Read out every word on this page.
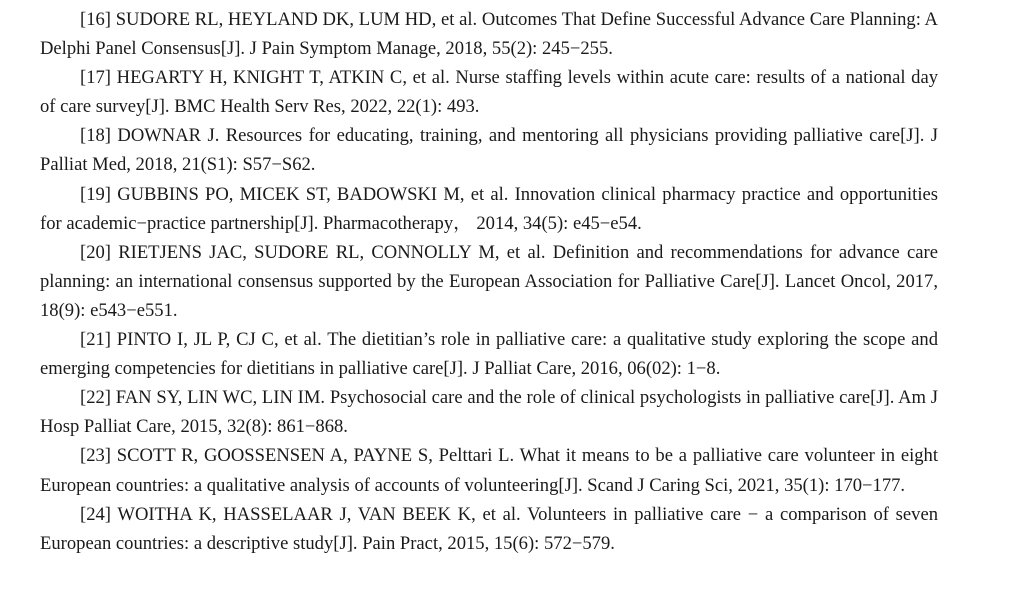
[16] SUDORE RL, HEYLAND DK, LUM HD, et al. Outcomes That Define Successful Advance Care Planning: A Delphi Panel Consensus[J]. J Pain Symptom Manage, 2018, 55(2): 245−255.

[17] HEGARTY H, KNIGHT T, ATKIN C, et al. Nurse staffing levels within acute care: results of a national day of care survey[J]. BMC Health Serv Res, 2022, 22(1): 493.

[18] DOWNAR J. Resources for educating, training, and mentoring all physicians providing palliative care[J]. J Palliat Med, 2018, 21(S1): S57−S62.

[19] GUBBINS PO, MICEK ST, BADOWSKI M, et al. Innovation clinical pharmacy practice and opportunities for academic−practice partnership[J]. Pharmacotherapy， 2014, 34(5): e45−e54.

[20] RIETJENS JAC, SUDORE RL, CONNOLLY M, et al. Definition and recommendations for advance care planning: an international consensus supported by the European Association for Palliative Care[J]. Lancet Oncol, 2017, 18(9): e543−e551.

[21] PINTO I, JL P, CJ C, et al. The dietitian’s role in palliative care: a qualitative study exploring the scope and emerging competencies for dietitians in palliative care[J]. J Palliat Care, 2016, 06(02): 1−8.

[22] FAN SY, LIN WC, LIN IM. Psychosocial care and the role of clinical psychologists in palliative care[J]. Am J Hosp Palliat Care, 2015, 32(8): 861−868.

[23] SCOTT R, GOOSSENSEN A, PAYNE S, Pelttari L. What it means to be a palliative care volunteer in eight European countries: a qualitative analysis of accounts of volunteering[J]. Scand J Caring Sci, 2021, 35(1): 170−177.

[24] WOITHA K, HASSELAAR J, VAN BEEK K, et al. Volunteers in palliative care − a comparison of seven European countries: a descriptive study[J]. Pain Pract, 2015, 15(6): 572−579.
